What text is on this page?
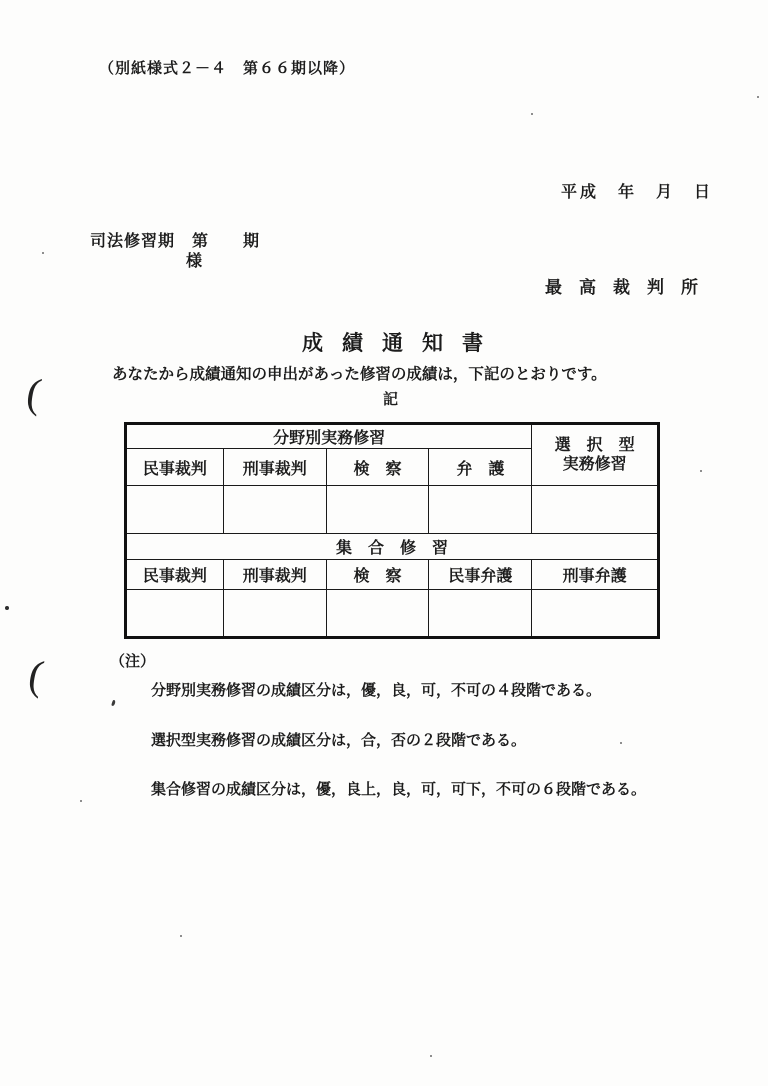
（別紙様式２－４　第６６期以降）
平成　年　月　日
司法修習期　第　　期
様
最高裁判所
成績通知書
あなたから成績通知の申出があった修習の成績は，下記のとおりです。
記
分野別実務修習				選　択　型
実務修習
民事裁判	刑事裁判	検　察	弁　護	

集　合　修　習				
民事裁判	刑事裁判	検　察	民事弁護	刑事弁護

（注）

分野別実務修習の成績区分は，優，良，可，不可の４段階である。

選択型実務修習の成績区分は，合，否の２段階である。

集合修習の成績区分は，優，良上，良，可，可下，不可の６段階である。

(
(
